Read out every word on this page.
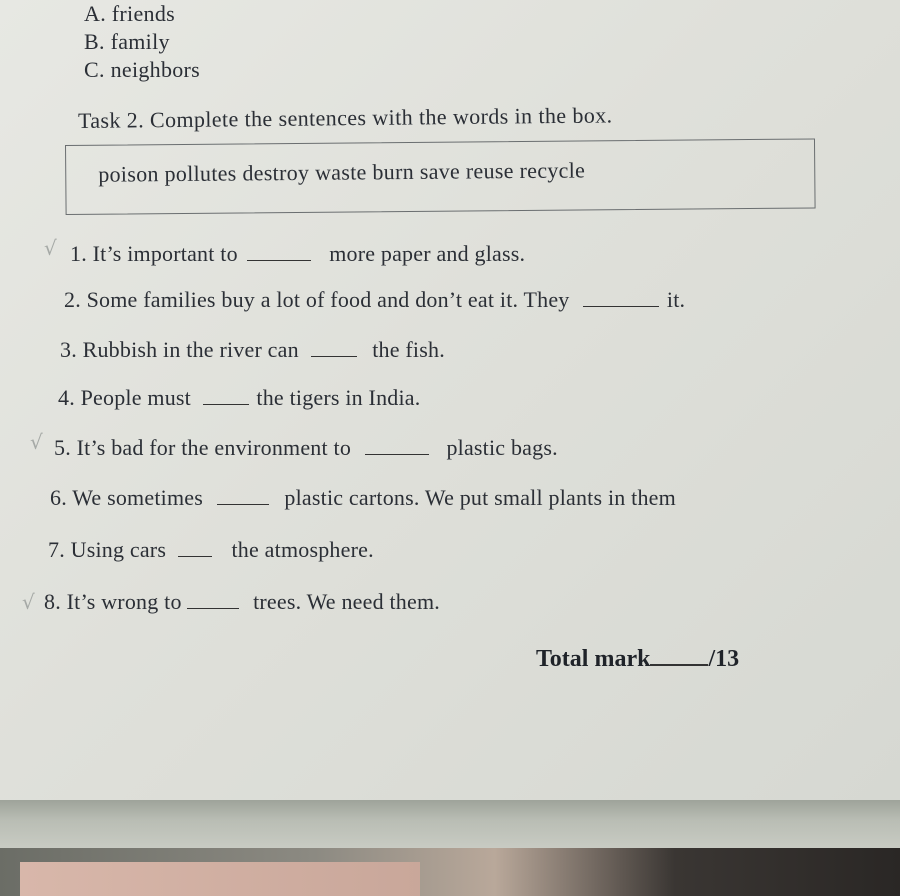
A. friends
B. family
C. neighbors
Task 2. Complete the sentences with the words in the box.
poison pollutes destroy waste burn save reuse recycle
√ 1. It’s important to	more paper and glass.
2. Some families buy a lot of food and don’t eat it. They	it.
3. Rubbish in the river can	the fish.
4. People must	the tigers in India.
√ 5. It’s bad for the environment to	plastic bags.
6. We sometimes	plastic cartons. We put small plants in them
7. Using cars	the atmosphere.
√ 8. It’s wrong to	trees. We need them.
Total mark /13
